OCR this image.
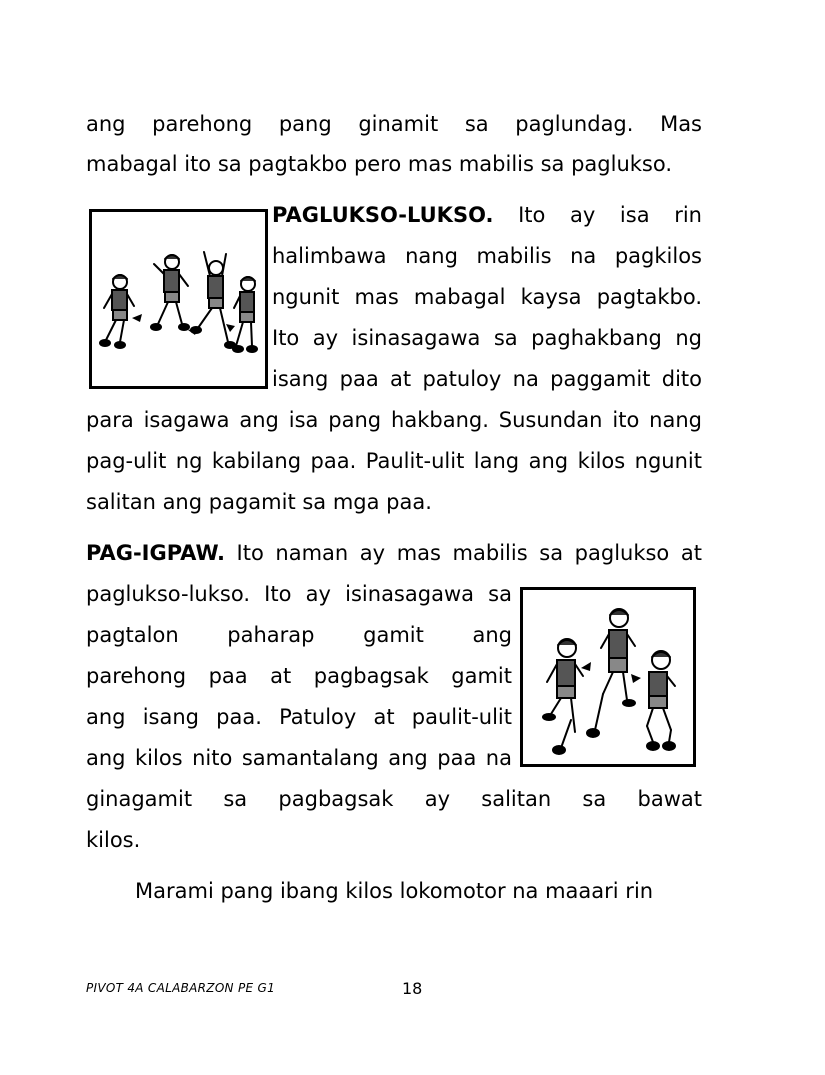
ang parehong pang ginamit sa paglundag. Mas
mabagal ito sa pagtakbo pero mas mabilis sa paglukso.
PAGLUKSO-LUKSO. Ito ay isa rin
halimbawa nang mabilis na pagkilos
ngunit mas mabagal kaysa pagtakbo.
Ito ay isinasagawa sa paghakbang ng
isang paa at patuloy na paggamit dito
para isagawa ang isa pang hakbang. Susundan ito nang
pag-ulit ng kabilang paa. Paulit-ulit lang ang kilos ngunit
salitan ang pagamit sa mga paa.
PAG-IGPAW. Ito naman ay mas mabilis sa paglukso at
paglukso-lukso. Ito ay isinasagawa sa
pagtalon paharap gamit ang
parehong paa at pagbagsak gamit
ang isang paa. Patuloy at paulit-ulit
ang kilos nito samantalang ang paa na
ginagamit sa pagbagsak ay salitan sa bawat
kilos.
Marami pang ibang kilos lokomotor na maaari rin
PIVOT 4A CALABARZON PE G1	18
